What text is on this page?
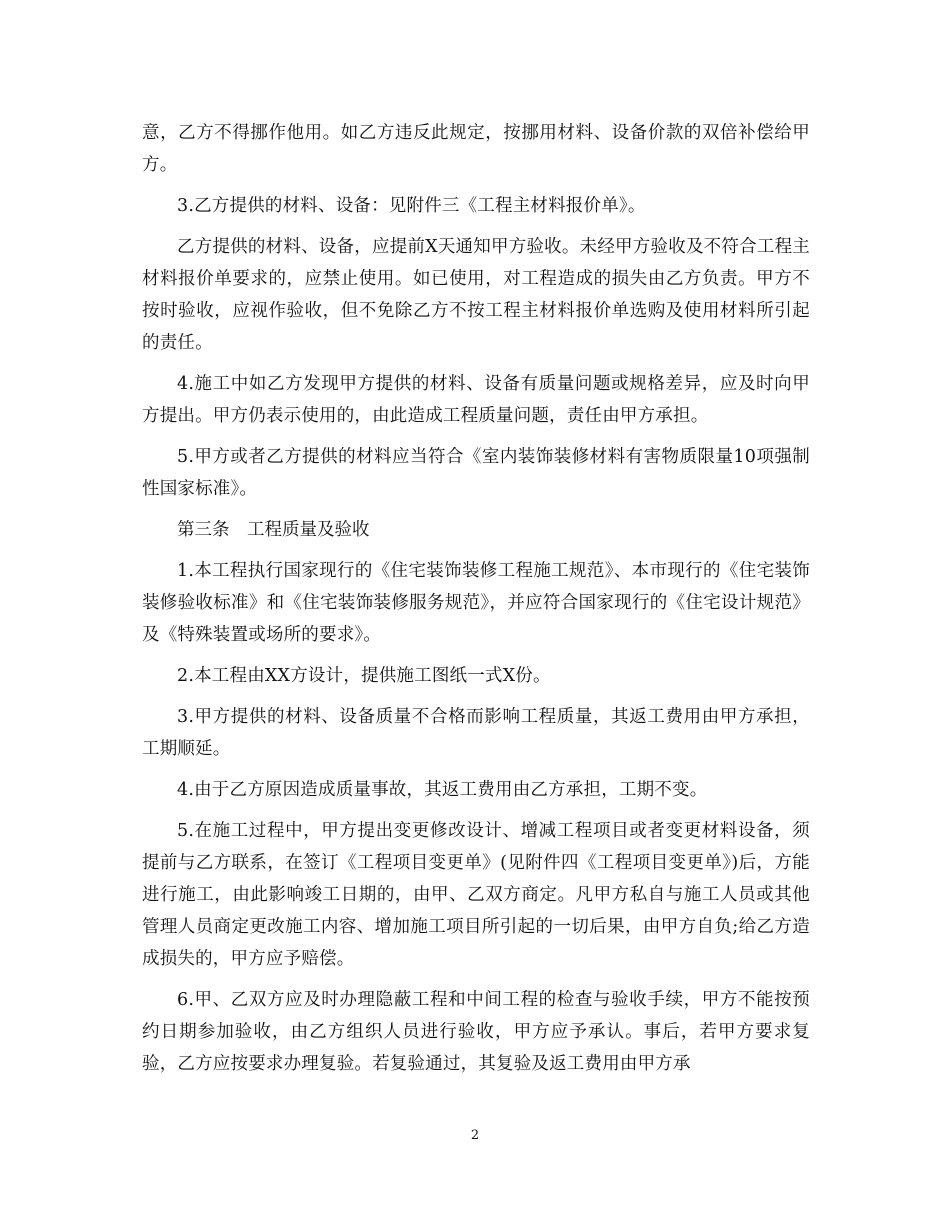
意，乙方不得挪作他用。如乙方违反此规定，按挪用材料、设备价款的双倍补偿给甲方。

3.乙方提供的材料、设备：见附件三《工程主材料报价单》。

乙方提供的材料、设备，应提前X天通知甲方验收。未经甲方验收及不符合工程主材料报价单要求的，应禁止使用。如已使用，对工程造成的损失由乙方负责。甲方不按时验收，应视作验收，但不免除乙方不按工程主材料报价单选购及使用材料所引起的责任。

4.施工中如乙方发现甲方提供的材料、设备有质量问题或规格差异，应及时向甲方提出。甲方仍表示使用的，由此造成工程质量问题，责任由甲方承担。

5.甲方或者乙方提供的材料应当符合《室内装饰装修材料有害物质限量10项强制性国家标准》。

第三条　工程质量及验收

1.本工程执行国家现行的《住宅装饰装修工程施工规范》、本市现行的《住宅装饰装修验收标准》和《住宅装饰装修服务规范》，并应符合国家现行的《住宅设计规范》及《特殊装置或场所的要求》。

2.本工程由XX方设计，提供施工图纸一式X份。

3.甲方提供的材料、设备质量不合格而影响工程质量，其返工费用由甲方承担，工期顺延。

4.由于乙方原因造成质量事故，其返工费用由乙方承担，工期不变。

5.在施工过程中，甲方提出变更修改设计、增减工程项目或者变更材料设备，须提前与乙方联系，在签订《工程项目变更单》(见附件四《工程项目变更单》)后，方能进行施工，由此影响竣工日期的，由甲、乙双方商定。凡甲方私自与施工人员或其他管理人员商定更改施工内容、增加施工项目所引起的一切后果，由甲方自负;给乙方造成损失的，甲方应予赔偿。

6.甲、乙双方应及时办理隐蔽工程和中间工程的检查与验收手续，甲方不能按预约日期参加验收，由乙方组织人员进行验收，甲方应予承认。事后，若甲方要求复验，乙方应按要求办理复验。若复验通过，其复验及返工费用由甲方承

2
